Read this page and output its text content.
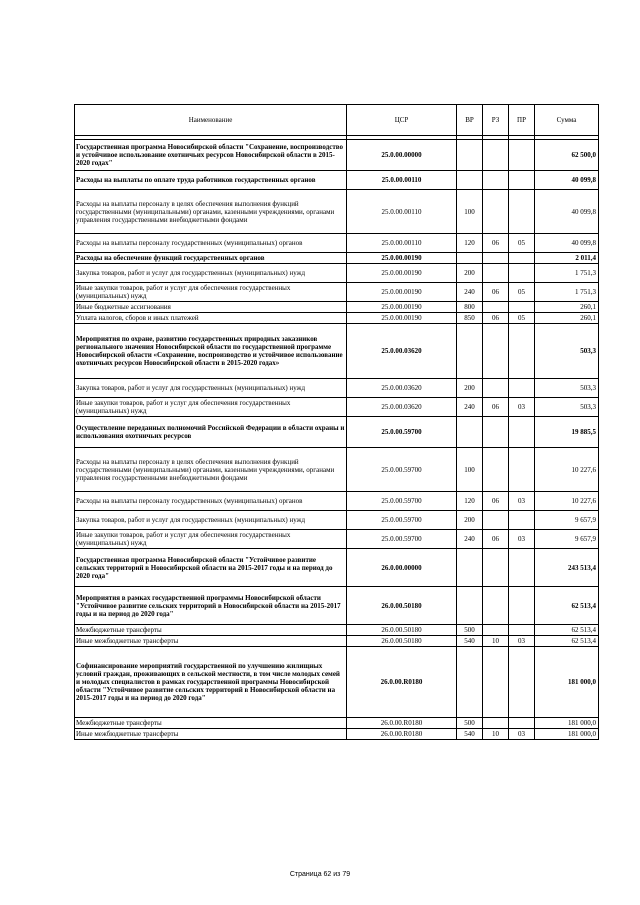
Наименование	ЦСР	ВР	РЗ	ПР	Сумма

Государственная программа Новосибирской области "Сохранение, воспроизводство и устойчивое использование охотничьих ресурсов Новосибирской области в 2015-2020 годах"	25.0.00.00000				62 500,0
Расходы на выплаты по оплате труда работников государственных органов	25.0.00.00110				40 099,8
Расходы на выплаты персоналу в целях обеспечения выполнения функций государственными (муниципальными) органами, казенными учреждениями, органами управления государственными внебюджетными фондами	25.0.00.00110	100			40 099,8
Расходы на выплаты персоналу государственных (муниципальных) органов	25.0.00.00110	120	06	05	40 099,8
Расходы на обеспечение функций государственных органов	25.0.00.00190				2 011,4
Закупка товаров, работ и услуг для государственных (муниципальных) нужд	25.0.00.00190	200			1 751,3
Иные закупки товаров, работ и услуг для обеспечения государственных (муниципальных) нужд	25.0.00.00190	240	06	05	1 751,3
Иные бюджетные ассигнования	25.0.00.00190	800			260,1
Уплата налогов, сборов и иных платежей	25.0.00.00190	850	06	05	260,1
Мероприятия по охране, развитию государственных природных заказников регионального значения Новосибирской области по государственной программе Новосибирской области «Сохранение, воспроизводство и устойчивое использование охотничьих ресурсов Новосибирской области в 2015-2020 годах»	25.0.00.03620				503,3
Закупка товаров, работ и услуг для государственных (муниципальных) нужд	25.0.00.03620	200			503,3
Иные закупки товаров, работ и услуг для обеспечения государственных (муниципальных) нужд	25.0.00.03620	240	06	03	503,3
Осуществление переданных полномочий Российской Федерации в области охраны и использования охотничьих ресурсов	25.0.00.59700				19 885,5
Расходы на выплаты персоналу в целях обеспечения выполнения функций государственными (муниципальными) органами, казенными учреждениями, органами управления государственными внебюджетными фондами	25.0.00.59700	100			10 227,6
Расходы на выплаты персоналу государственных (муниципальных) органов	25.0.00.59700	120	06	03	10 227,6
Закупка товаров, работ и услуг для государственных (муниципальных) нужд	25.0.00.59700	200			9 657,9
Иные закупки товаров, работ и услуг для обеспечения государственных (муниципальных) нужд	25.0.00.59700	240	06	03	9 657,9
Государственная программа Новосибирской области "Устойчивое развитие сельских территорий в Новосибирской области на 2015-2017 годы и на период до 2020 года"	26.0.00.00000				243 513,4
Мероприятия в рамках государственной программы Новосибирской области "Устойчивое развитие сельских территорий в Новосибирской области на 2015-2017 годы и на период до 2020 года"	26.0.00.50180				62 513,4
Межбюджетные трансферты	26.0.00.50180	500			62 513,4
Иные межбюджетные трансферты	26.0.00.50180	540	10	03	62 513,4
Софинансирование мероприятий государственной по улучшению жилищных условий граждан, проживающих в сельской местности, в том числе молодых семей и молодых специалистов в рамках государственной программы Новосибирской области "Устойчивое развитие сельских территорий в Новосибирской области на 2015-2017 годы и на период до 2020 года"	26.0.00.R0180				181 000,0
Межбюджетные трансферты	26.0.00.R0180	500			181 000,0
Иные межбюджетные трансферты	26.0.00.R0180	540	10	03	181 000,0
Страница 62 из 79
